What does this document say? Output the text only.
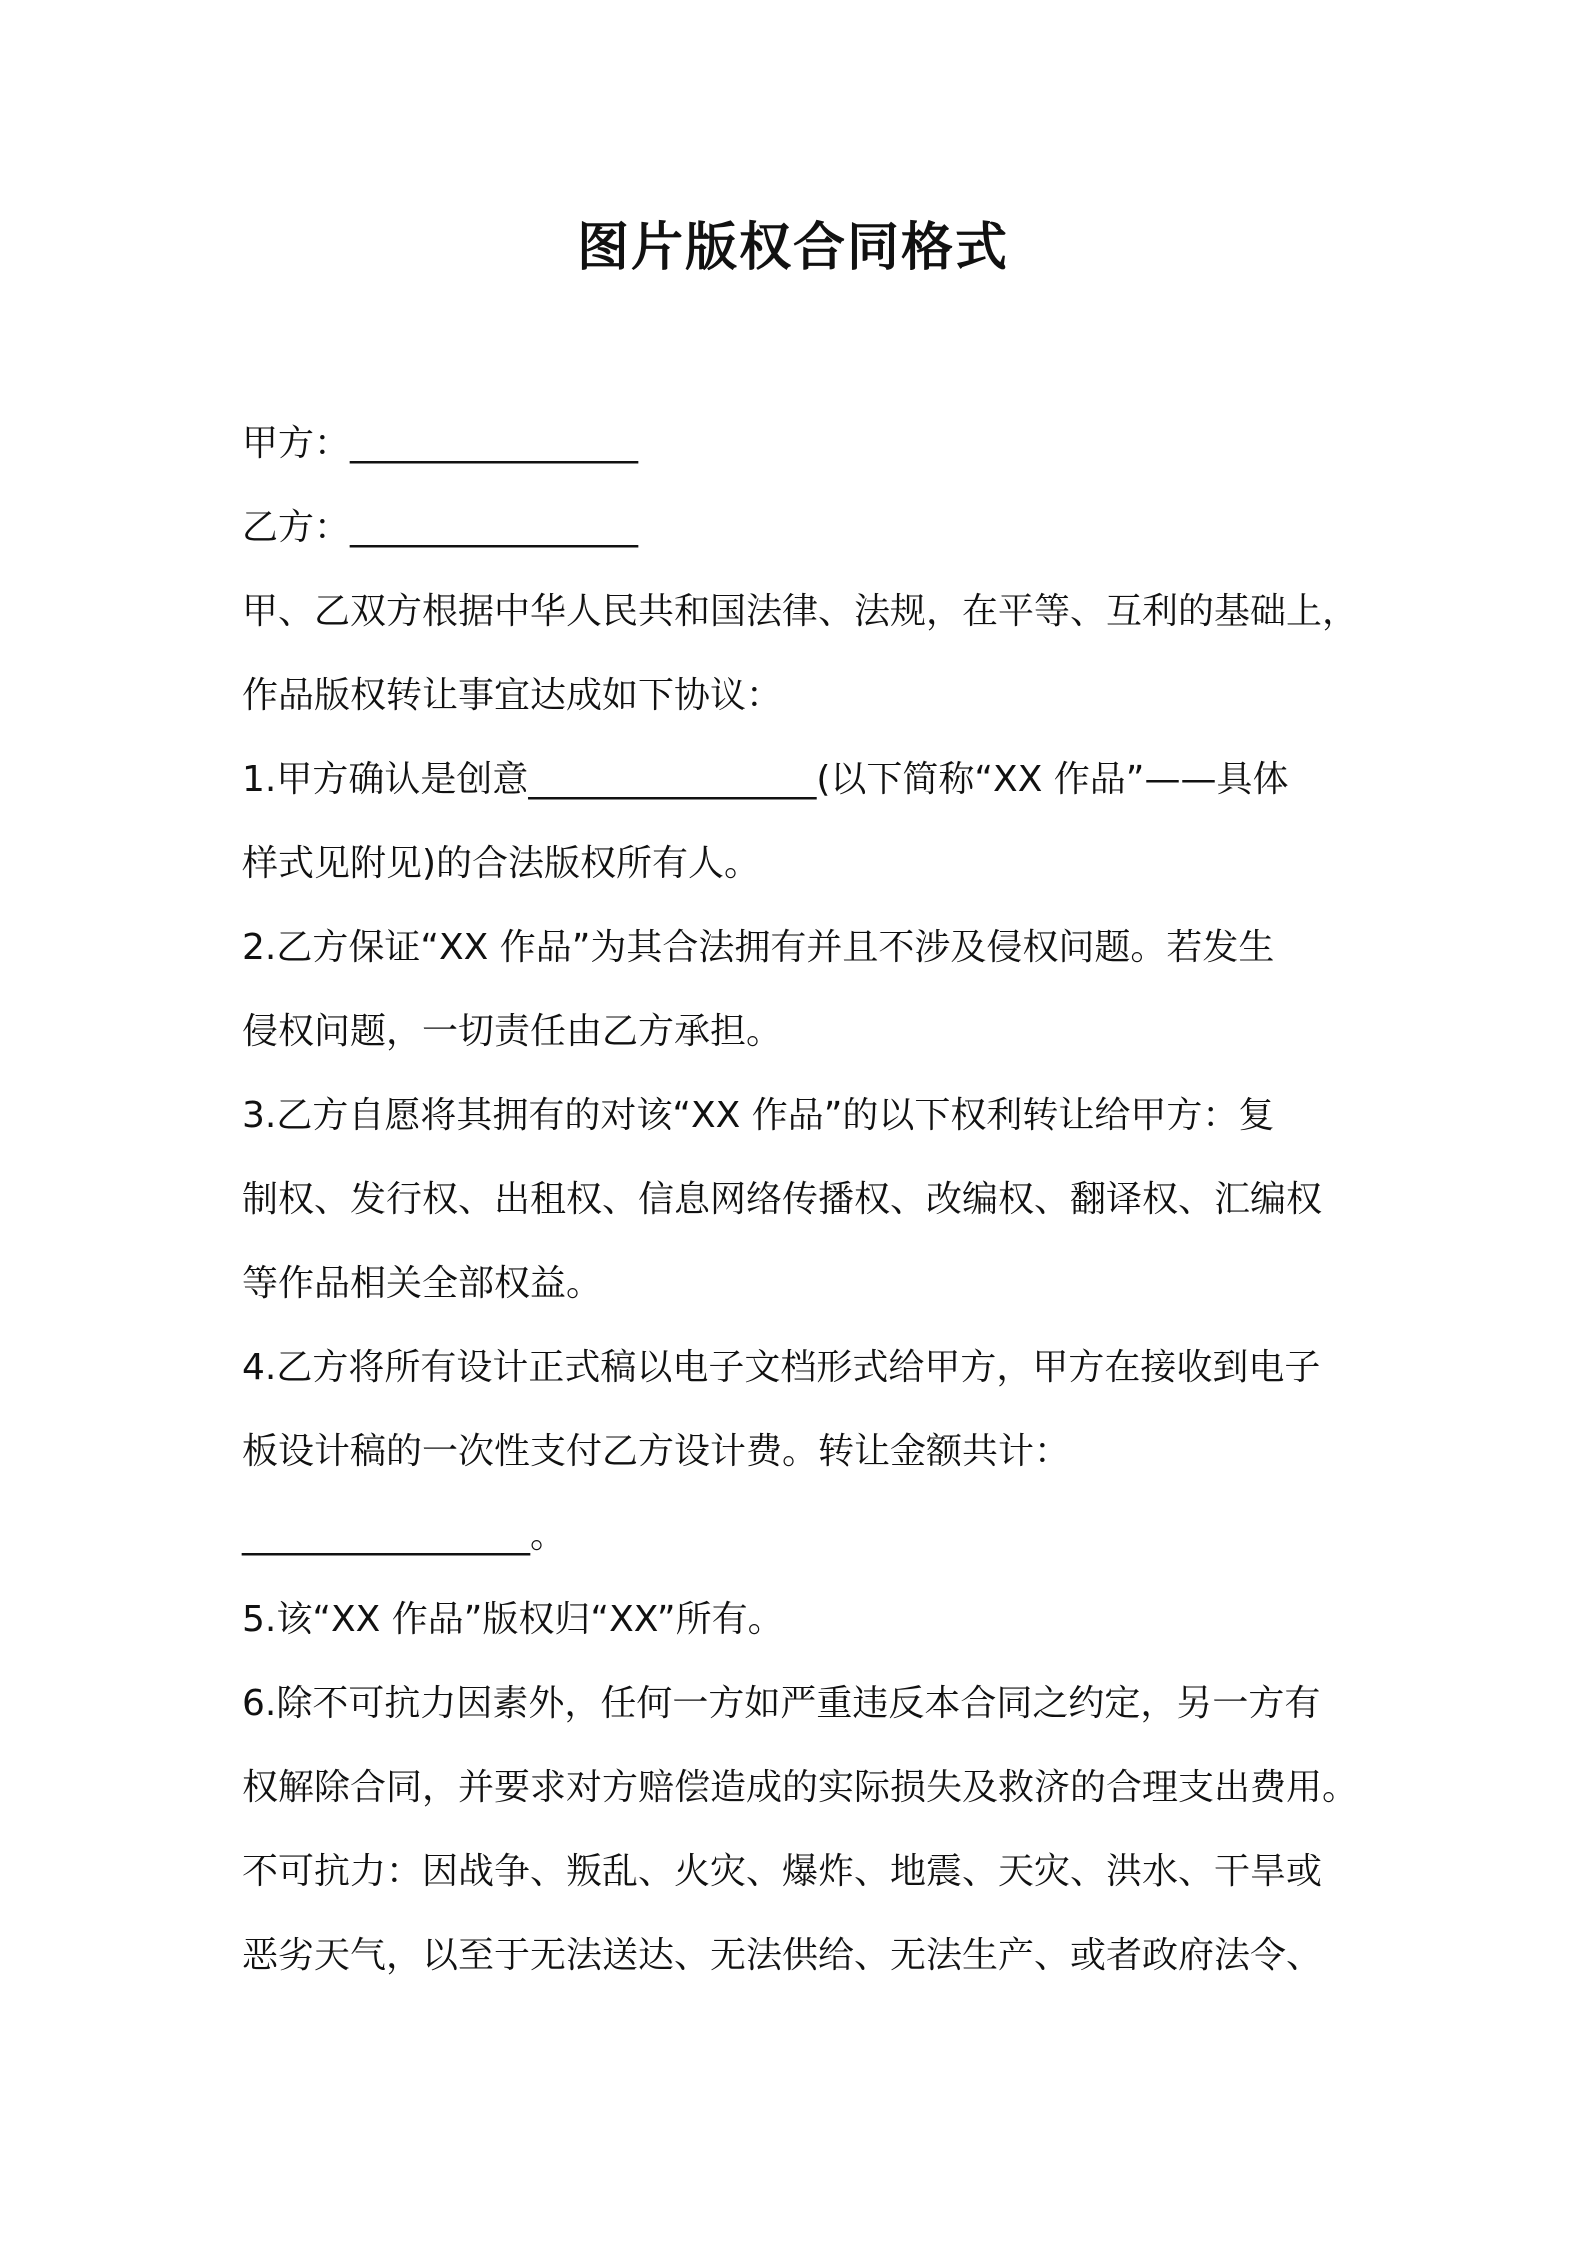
图片版权合同格式
甲方：________________
乙方：________________
甲、乙双方根据中华人民共和国法律、法规，在平等、互利的基础上，
作品版权转让事宜达成如下协议：
1.甲方确认是创意________________(以下简称“XX 作品”——具体
样式见附见)的合法版权所有人。
2.乙方保证“XX 作品”为其合法拥有并且不涉及侵权问题。若发生
侵权问题，一切责任由乙方承担。
3.乙方自愿将其拥有的对该“XX 作品”的以下权利转让给甲方：复
制权、发行权、出租权、信息网络传播权、改编权、翻译权、汇编权
等作品相关全部权益。
4.乙方将所有设计正式稿以电子文档形式给甲方，甲方在接收到电子
板设计稿的一次性支付乙方设计费。转让金额共计：
________________。
5.该“XX 作品”版权归“XX”所有。
6.除不可抗力因素外，任何一方如严重违反本合同之约定，另一方有
权解除合同，并要求对方赔偿造成的实际损失及救济的合理支出费用。
不可抗力：因战争、叛乱、火灾、爆炸、地震、天灾、洪水、干旱或
恶劣天气，以至于无法送达、无法供给、无法生产、或者政府法令、
